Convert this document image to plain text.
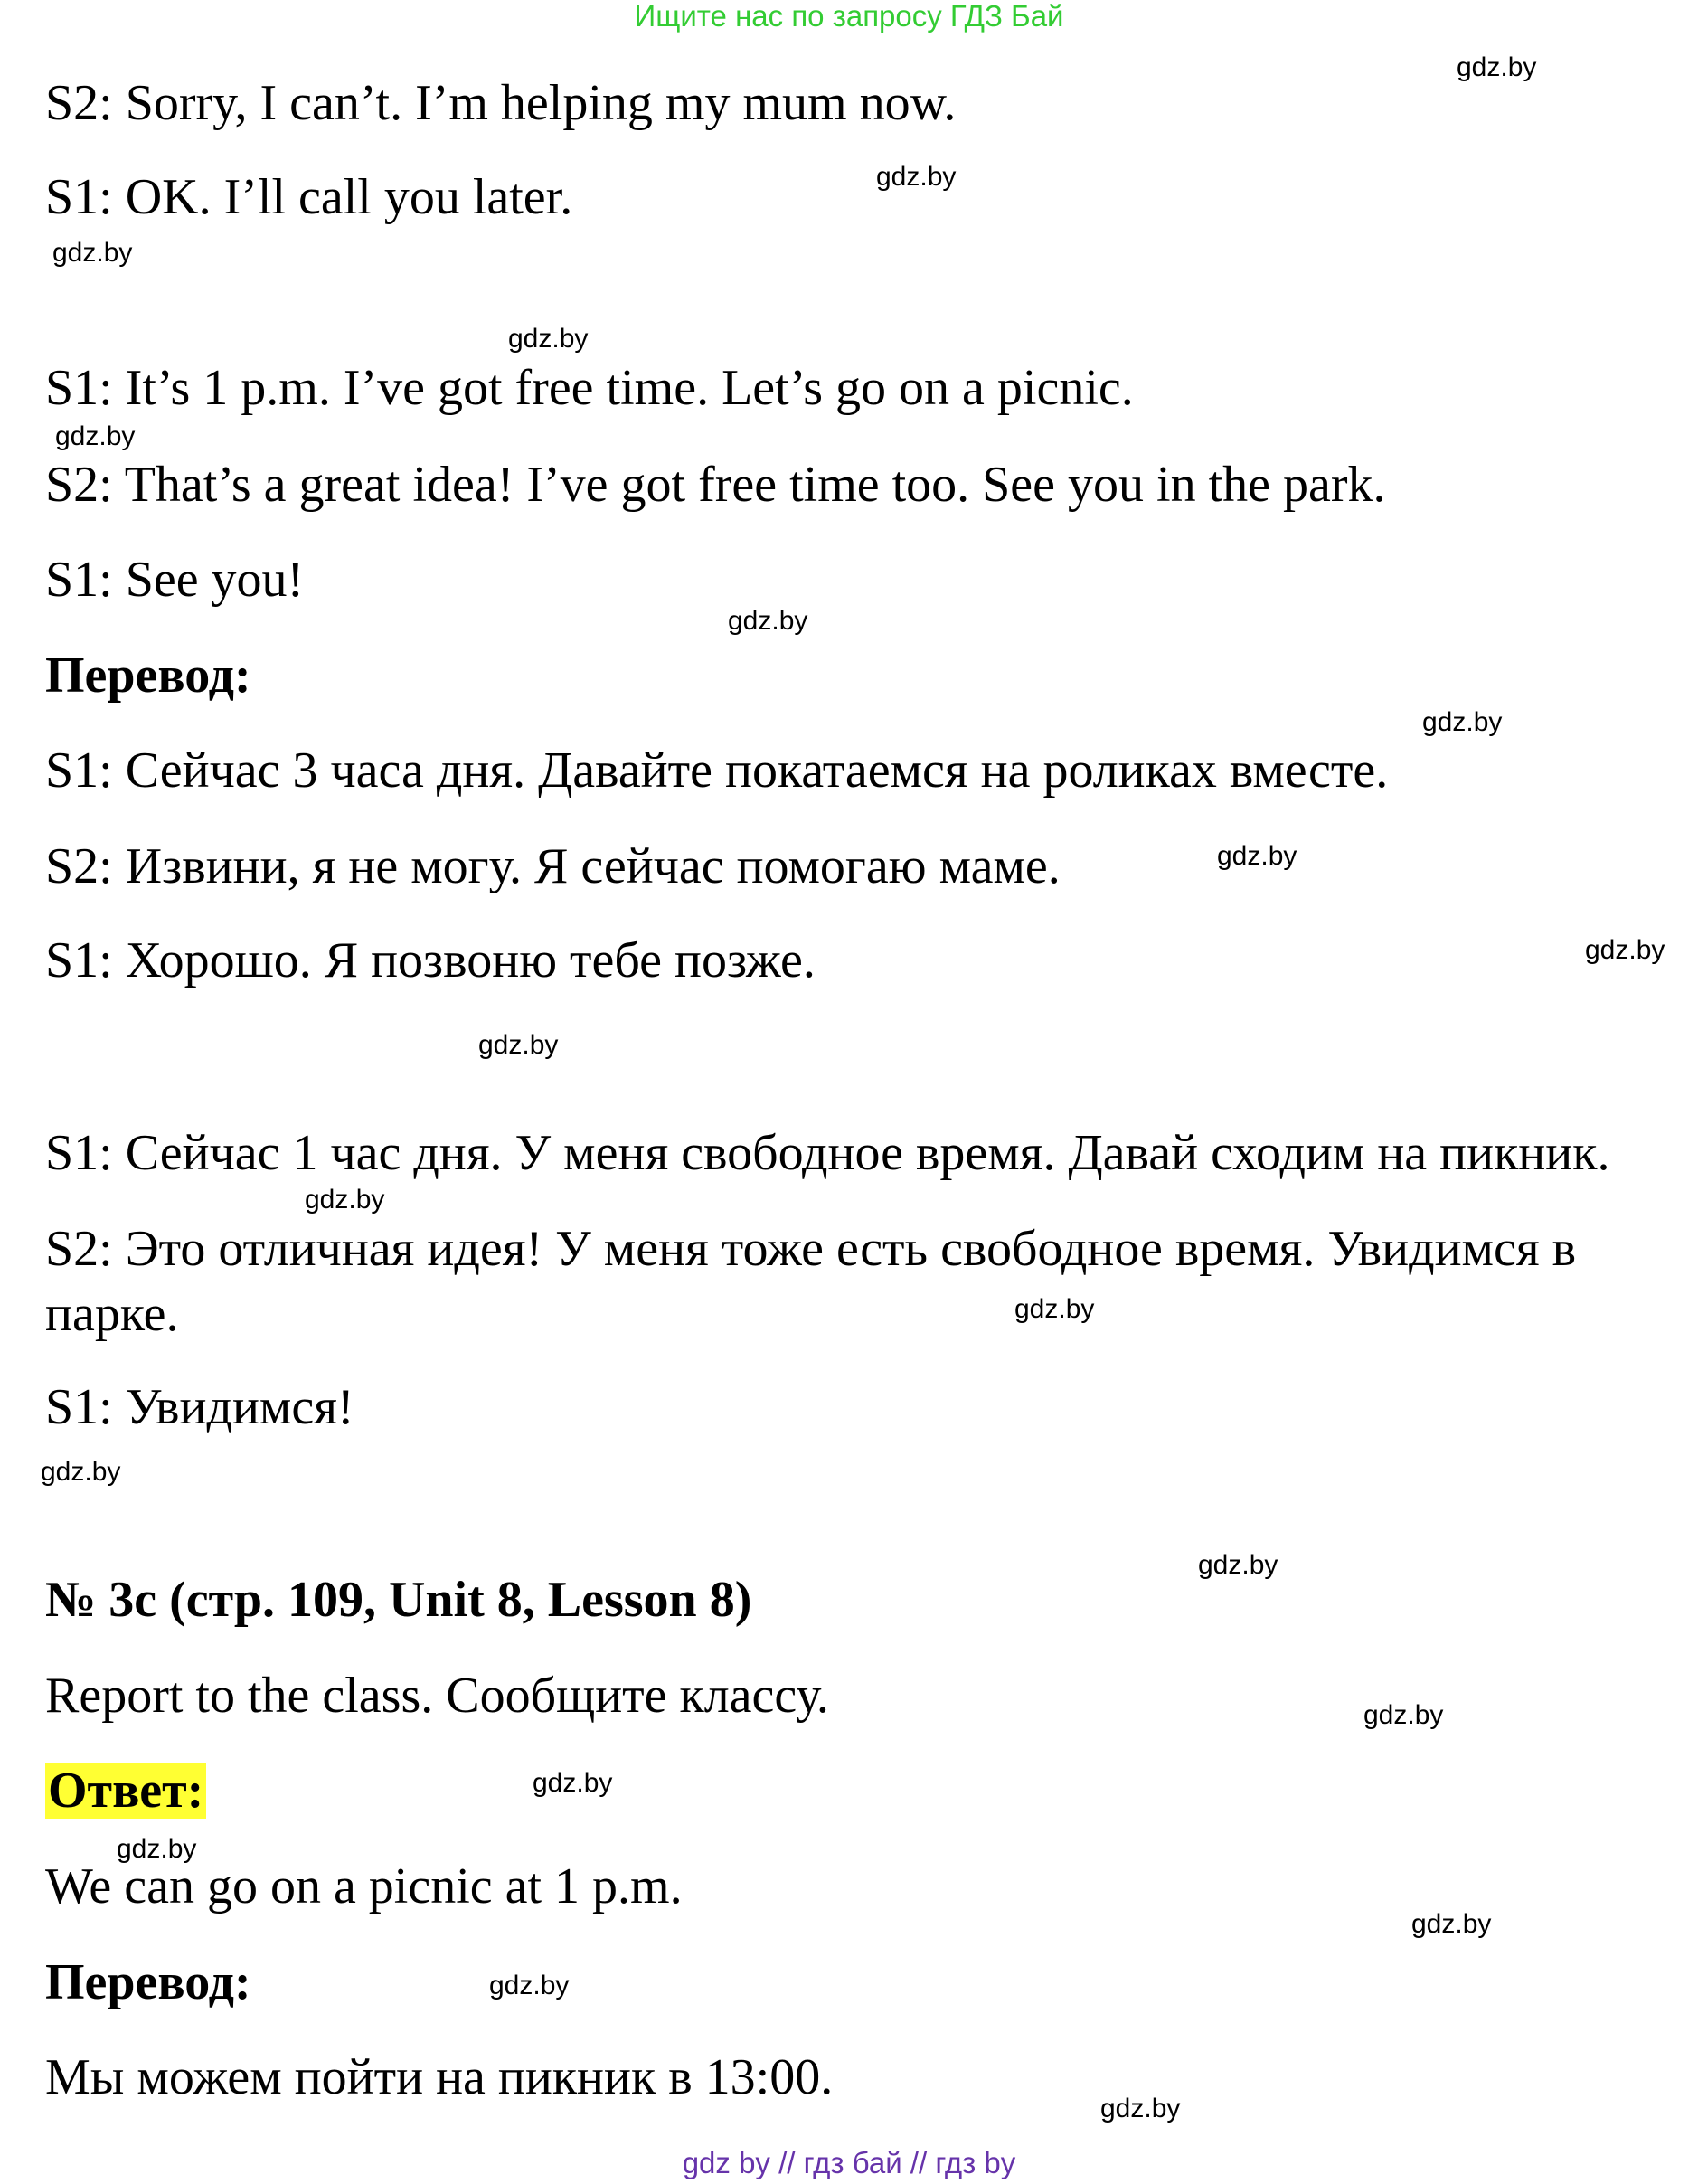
Ищите нас по запросу ГДЗ Бай
S2: Sorry, I can’t. I’m helping my mum now.
S1: OK. I’ll call you later.
S1: It’s 1 p.m. I’ve got free time. Let’s go on a picnic.
S2: That’s a great idea! I’ve got free time too. See you in the park.
S1: See you!
Перевод:
S1: Сейчас 3 часа дня. Давайте покатаемся на роликах вместе.
S2: Извини, я не могу. Я сейчас помогаю маме.
S1: Хорошо. Я позвоню тебе позже.
S1: Сейчас 1 час дня. У меня свободное время. Давай сходим на пикник.
S2: Это отличная идея! У меня тоже есть свободное время. Увидимся в парке.
S1: Увидимся!
№ 3c (стр. 109, Unit 8, Lesson 8)
Report to the class. Сообщите классу.
Ответ:
We can go on a picnic at 1 p.m.
Перевод:
Мы можем пойти на пикник в 13:00.
gdz.by
gdz.by
gdz.by
gdz.by
gdz.by
gdz.by
gdz.by
gdz.by
gdz.by
gdz.by
gdz.by
gdz.by
gdz.by
gdz.by
gdz.by
gdz.by
gdz.by
gdz.by
gdz.by
gdz.by
gdz by // гдз бай // гдз by
